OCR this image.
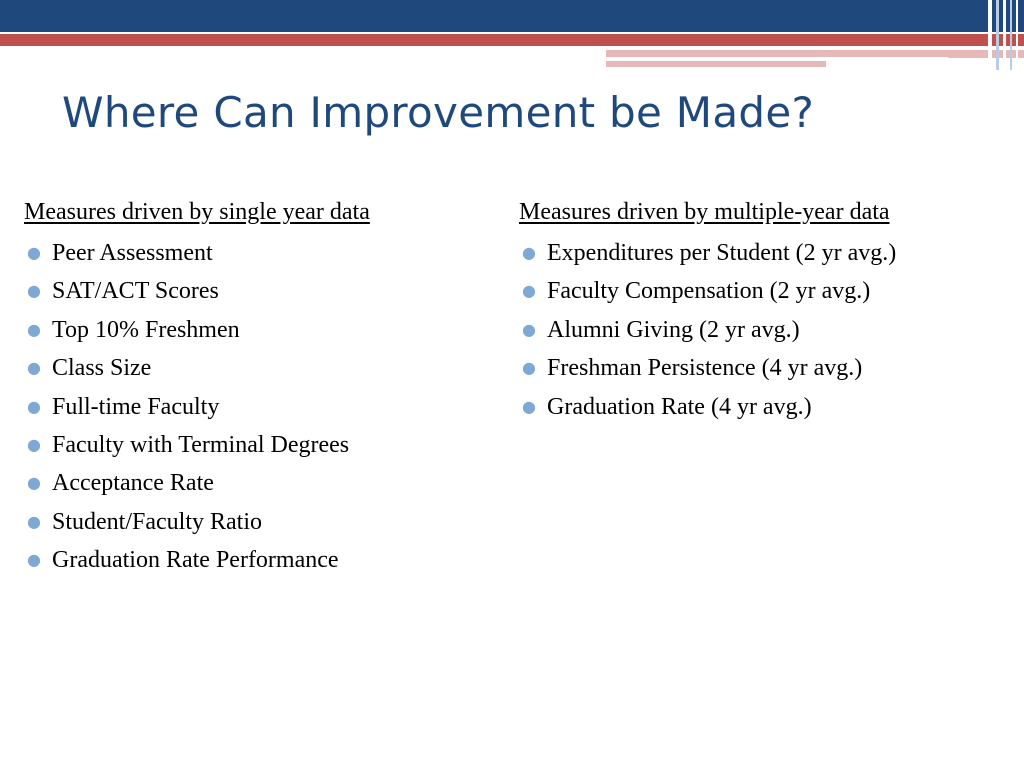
Where Can Improvement be Made?
Measures driven by single year data
● Peer Assessment
● SAT/ACT Scores
● Top 10% Freshmen
● Class Size
● Full-time Faculty
● Faculty with Terminal Degrees
● Acceptance Rate
● Student/Faculty Ratio
● Graduation Rate Performance
Measures driven by multiple-year data
● Expenditures per Student (2 yr avg.)
● Faculty Compensation (2 yr avg.)
● Alumni Giving (2 yr avg.)
● Freshman Persistence (4 yr avg.)
● Graduation Rate (4 yr avg.)
